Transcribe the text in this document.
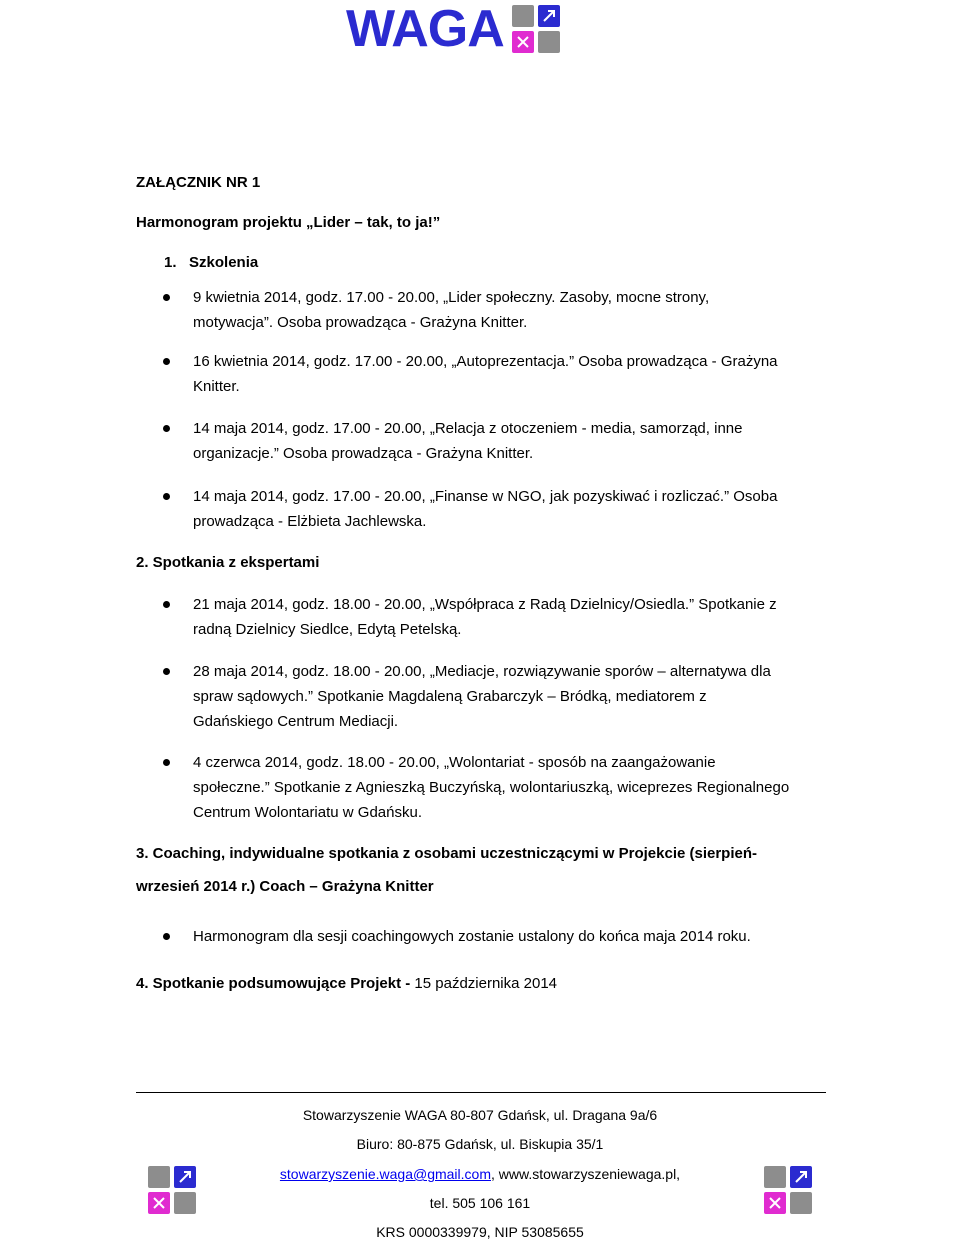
WAGA
ZAŁĄCZNIK NR 1
Harmonogram projektu „Lider – tak, to ja!”
1. Szkolenia
9 kwietnia 2014, godz. 17.00 - 20.00, „Lider społeczny. Zasoby, mocne strony,
motywacja”. Osoba prowadząca - Grażyna Knitter.
16 kwietnia 2014, godz. 17.00 - 20.00, „Autoprezentacja.” Osoba prowadząca - Grażyna
Knitter.
14 maja 2014, godz. 17.00 - 20.00, „Relacja z otoczeniem - media, samorząd, inne
organizacje.” Osoba prowadząca - Grażyna Knitter.
14 maja 2014, godz. 17.00 - 20.00, „Finanse w NGO, jak pozyskiwać i rozliczać.” Osoba
prowadząca - Elżbieta Jachlewska.
2. Spotkania z ekspertami
21 maja 2014, godz. 18.00 - 20.00, „Współpraca z Radą Dzielnicy/Osiedla.” Spotkanie z
radną Dzielnicy Siedlce, Edytą Petelską.
28 maja 2014, godz. 18.00 - 20.00, „Mediacje, rozwiązywanie sporów – alternatywa dla
spraw sądowych.” Spotkanie Magdaleną Grabarczyk – Bródką, mediatorem z
Gdańskiego Centrum Mediacji.
4 czerwca 2014, godz. 18.00 - 20.00, „Wolontariat - sposób na zaangażowanie
społeczne.” Spotkanie z Agnieszką Buczyńską, wolontariuszką, wiceprezes Regionalnego
Centrum Wolontariatu w Gdańsku.
3. Coaching, indywidualne spotkania z osobami uczestniczącymi w Projekcie (sierpień-
wrzesień 2014 r.) Coach – Grażyna Knitter
Harmonogram dla sesji coachingowych zostanie ustalony do końca maja 2014 roku.
4. Spotkanie podsumowujące Projekt - 15 października 2014
Stowarzyszenie WAGA 80-807 Gdańsk, ul. Dragana 9a/6
Biuro: 80-875 Gdańsk, ul. Biskupia 35/1
stowarzyszenie.waga@gmail.com, www.stowarzyszeniewaga.pl,
tel. 505 106 161
KRS 0000339979, NIP 53085655
